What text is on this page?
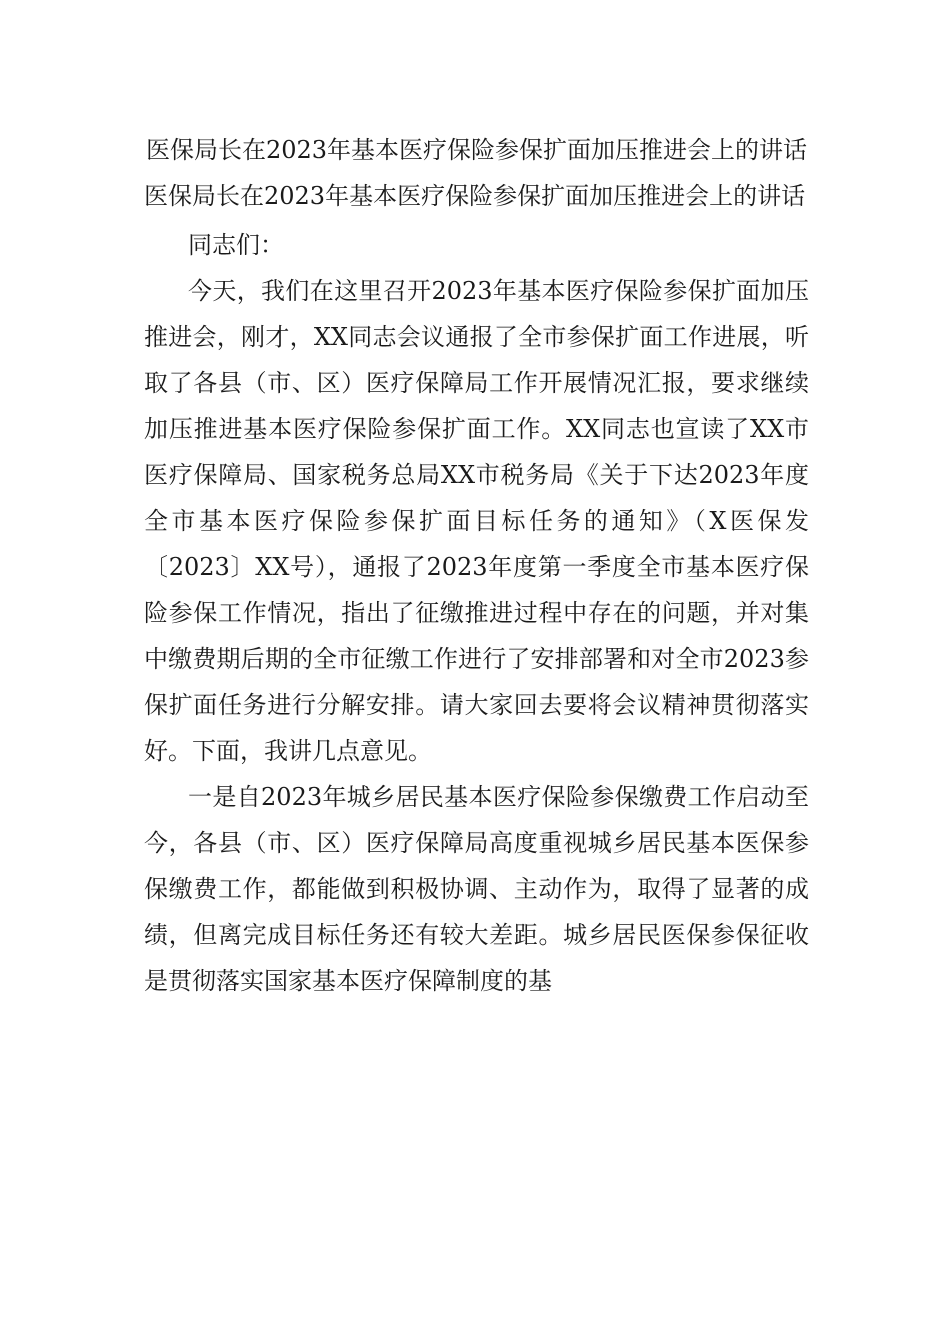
医保局长在2023年基本医疗保险参保扩面加压推进会上的讲话

医保局长在2023年基本医疗保险参保扩面加压推进会上的讲话

同志们：

今天，我们在这里召开2023年基本医疗保险参保扩面加压推进会，刚才，XX同志会议通报了全市参保扩面工作进展，听取了各县（市、区）医疗保障局工作开展情况汇报，要求继续加压推进基本医疗保险参保扩面工作。XX同志也宣读了XX市医疗保障局、国家税务总局XX市税务局《关于下达2023年度全市基本医疗保险参保扩面目标任务的通知》（X医保发〔2023〕XX号），通报了2023年度第一季度全市基本医疗保险参保工作情况，指出了征缴推进过程中存在的问题，并对集中缴费期后期的全市征缴工作进行了安排部署和对全市2023参保扩面任务进行分解安排。请大家回去要将会议精神贯彻落实好。下面，我讲几点意见。

一是自2023年城乡居民基本医疗保险参保缴费工作启动至今，各县（市、区）医疗保障局高度重视城乡居民基本医保参保缴费工作，都能做到积极协调、主动作为，取得了显著的成绩，但离完成目标任务还有较大差距。城乡居民医保参保征收是贯彻落实国家基本医疗保障制度的基
